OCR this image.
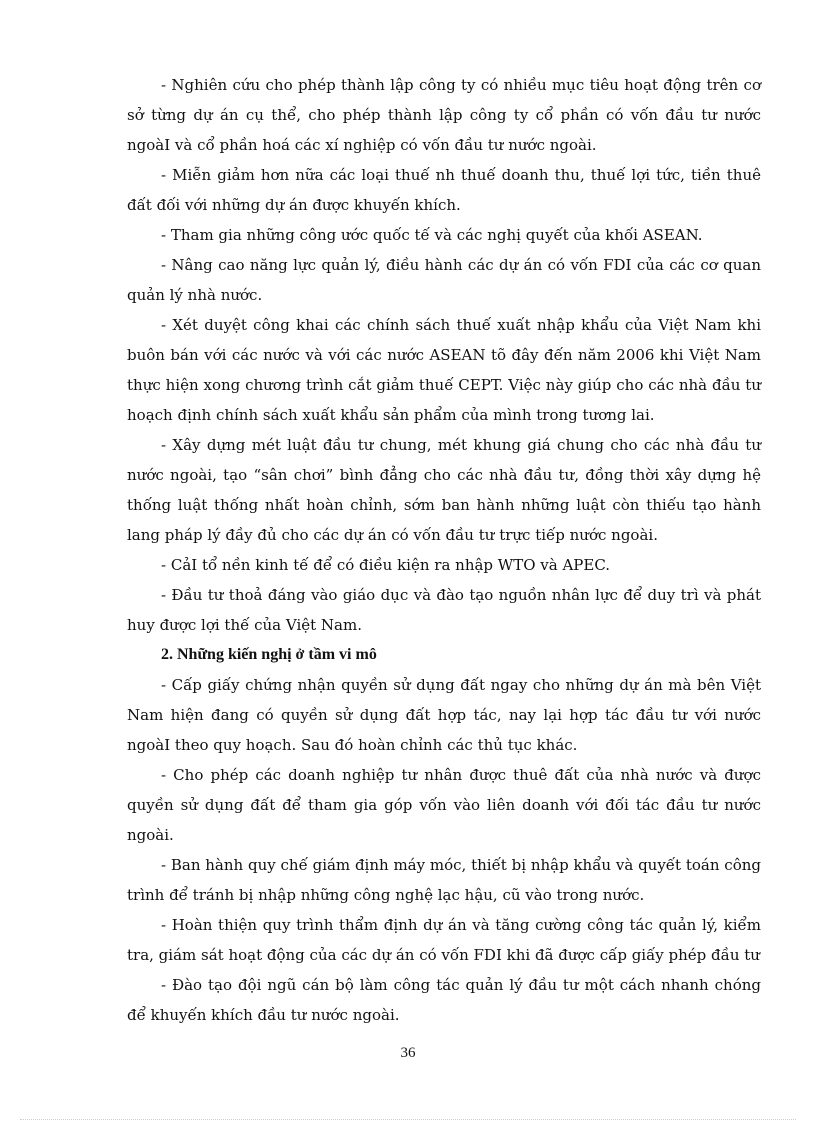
- Nghiên cứu cho phép thành lập công ty có nhiều mục tiêu hoạt động trên cơ sở từng dự án cụ thể, cho phép thành lập công ty cổ phần có vốn đầu tư nước ngoàI và cổ phần hoá các xí nghiệp có vốn đầu tư nước ngoài.

- Miễn giảm hơn nữa các loại thuế nh thuế doanh thu, thuế lợi tức, tiền thuê đất đối với những dự án được khuyến khích.

- Tham gia những công ước quốc tế và các nghị quyết của khối ASEAN.

- Nâng cao năng lực quản lý, điều hành các dự án có vốn FDI của các cơ quan quản lý nhà nước.

- Xét duyệt công khai các chính sách thuế xuất nhập khẩu của Việt Nam khi buôn bán với các nước và với các nước ASEAN tõ đây đến năm 2006 khi Việt Nam thực hiện xong chương trình cắt giảm thuế CEPT. Việc này giúp cho các nhà đầu tư hoạch định chính sách xuất khẩu sản phẩm của mình trong tương lai.

- Xây dựng mét luật đầu tư chung, mét khung giá chung cho các nhà đầu tư nước ngoài, tạo “sân chơi” bình đẳng cho các nhà đầu tư, đồng thời xây dựng hệ thống luật thống nhất hoàn chỉnh, sớm ban hành những luật còn thiếu tạo hành lang pháp lý đầy đủ cho các dự án có vốn đầu tư trực tiếp nước ngoài.

- CảI tổ nền kinh tế để có điều kiện ra nhập WTO và APEC.

- Đầu tư thoả đáng vào giáo dục và đào tạo nguồn nhân lực để duy trì và phát huy được lợi thế của Việt Nam.

2. Những kiến nghị ở tầm vi mô

- Cấp giấy chứng nhận quyền sử dụng đất ngay cho những dự án mà bên Việt Nam hiện đang có quyền sử dụng đất hợp tác, nay lại hợp tác đầu tư với nước ngoàI theo quy hoạch. Sau đó hoàn chỉnh các thủ tục khác.

- Cho phép các doanh nghiệp tư nhân được thuê đất của nhà nước và được quyền sử dụng đất để tham gia góp vốn vào liên doanh với đối tác đầu tư nước ngoài.

- Ban hành quy chế giám định máy móc, thiết bị nhập khẩu và quyết toán công trình để tránh bị nhập những công nghệ lạc hậu, cũ vào trong nước.

- Hoàn thiện quy trình thẩm định dự án và tăng cường công tác quản lý, kiểm tra, giám sát hoạt động của các dự án có vốn FDI khi đã được cấp giấy phép đầu tư

- Đào tạo đội ngũ cán bộ làm công tác quản lý đầu tư một cách nhanh chóng để khuyến khích đầu tư nước ngoài.

36
